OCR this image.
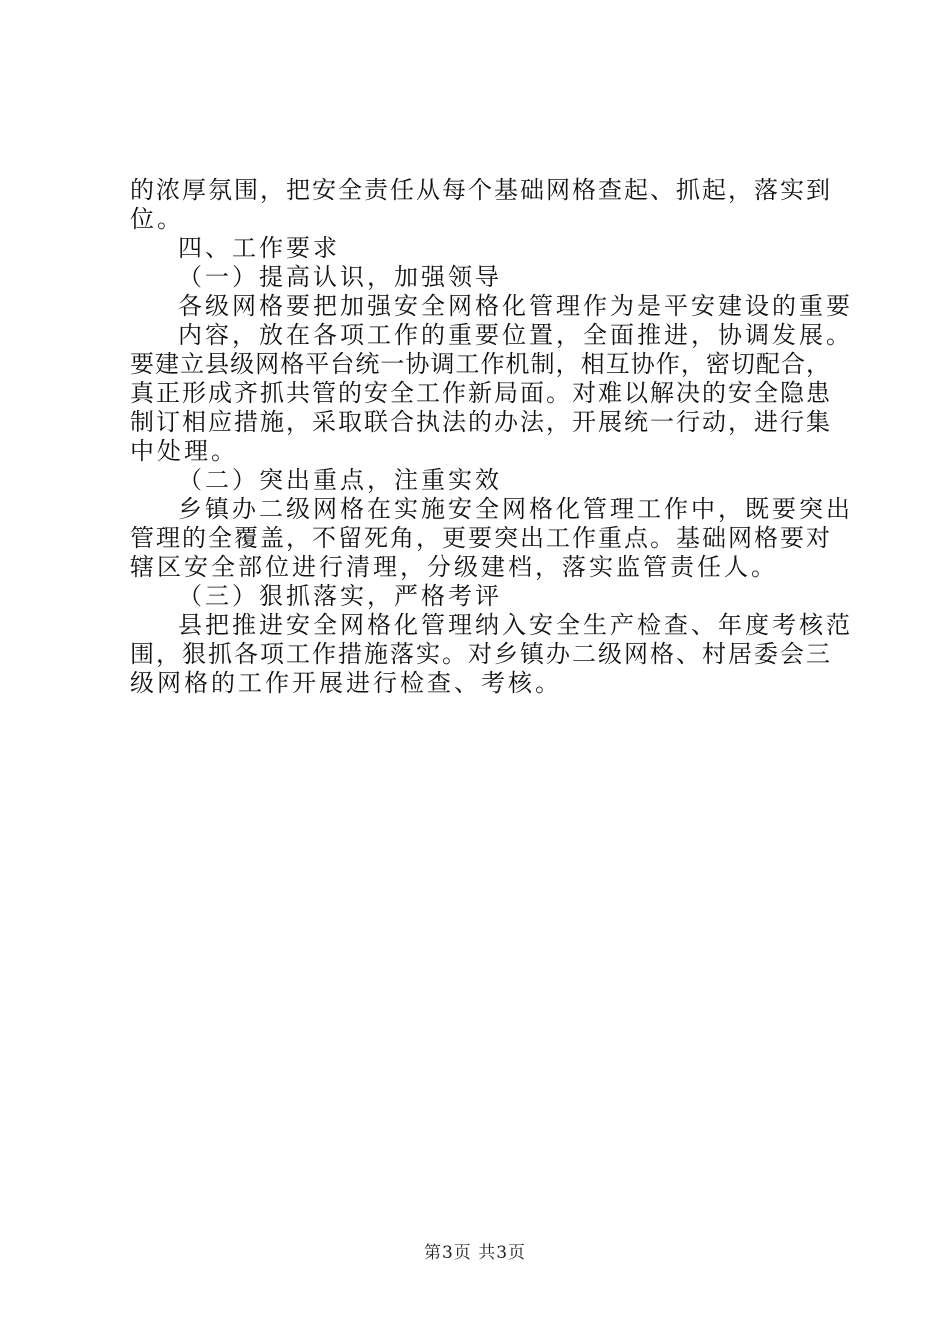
的浓厚氛围，把安全责任从每个基础网格查起、抓起，落实到
位。
四、工作要求
（一）提高认识，加强领导
各级网格要把加强安全网格化管理作为是平安建设的重要
内容，放在各项工作的重要位置，全面推进，协调发展。
要建立县级网格平台统一协调工作机制，相互协作，密切配合，
真正形成齐抓共管的安全工作新局面。对难以解决的安全隐患
制订相应措施，采取联合执法的办法，开展统一行动，进行集
中处理。
（二）突出重点，注重实效
乡镇办二级网格在实施安全网格化管理工作中，既要突出
管理的全覆盖，不留死角，更要突出工作重点。基础网格要对
辖区安全部位进行清理，分级建档，落实监管责任人。
（三）狠抓落实，严格考评
县把推进安全网格化管理纳入安全生产检查、年度考核范
围，狠抓各项工作措施落实。对乡镇办二级网格、村居委会三
级网格的工作开展进行检查、考核。
第3页 共3页
